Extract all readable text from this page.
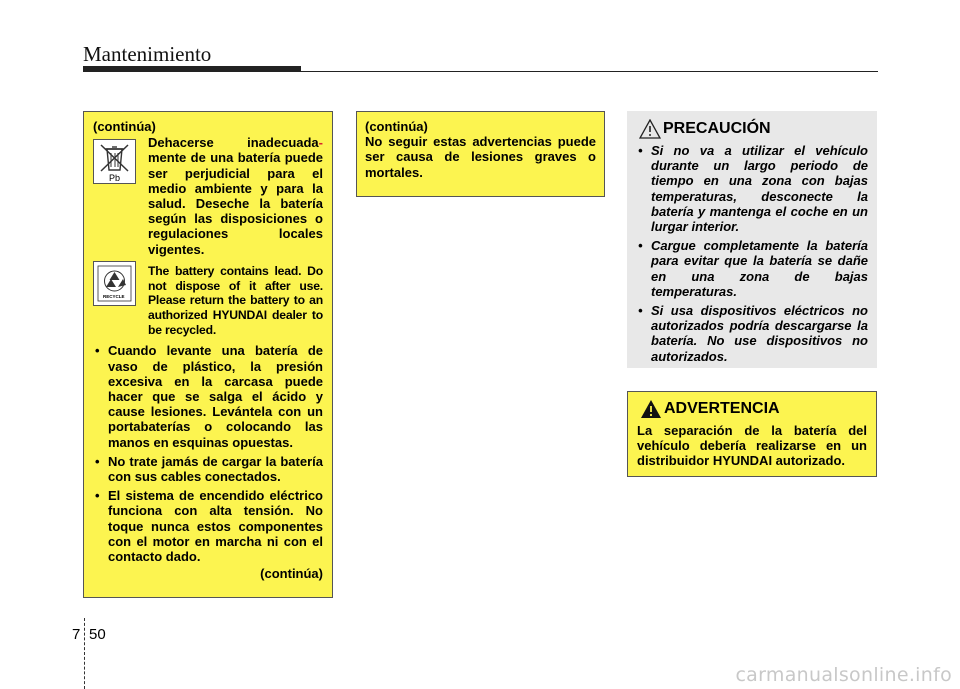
Mantenimiento
(continúa)
Pb
Dehacerse inadecuada- mente de una batería puede ser perjudicial para el medio ambiente y para la salud. Deseche la batería según las disposiciones o regulaciones locales vigentes.
RECYCLE
The battery contains lead. Do not dispose of it after use. Please return the battery to an authorized HYUNDAI dealer to be recycled.
• Cuando levante una batería de vaso de plástico, la presión excesiva en la carcasa puede hacer que se salga el ácido y cause lesiones. Levántela con un portabaterías o colocando las manos en esquinas opuestas.
• No trate jamás de cargar la batería con sus cables conectados.
• El sistema de encendido eléctrico funciona con alta tensión. No toque nunca estos componentes con el motor en marcha ni con el contacto dado.
(continúa)
(continúa)
No seguir estas advertencias puede ser causa de lesiones graves o mortales.
PRECAUCIÓN
• Si no va a utilizar el vehículo durante un largo periodo de tiempo en una zona con bajas temperaturas, desconecte la batería y mantenga el coche en un lurgar interior.
• Cargue completamente la batería para evitar que la batería se dañe en una zona de bajas temperaturas.
• Si usa dispositivos eléctricos no autorizados podría descargarse la batería. No use dispositivos no autorizados.
ADVERTENCIA
La separación de la batería del vehículo debería realizarse en un distribuidor HYUNDAI autorizado.
7 50
carmanualsonline.info
